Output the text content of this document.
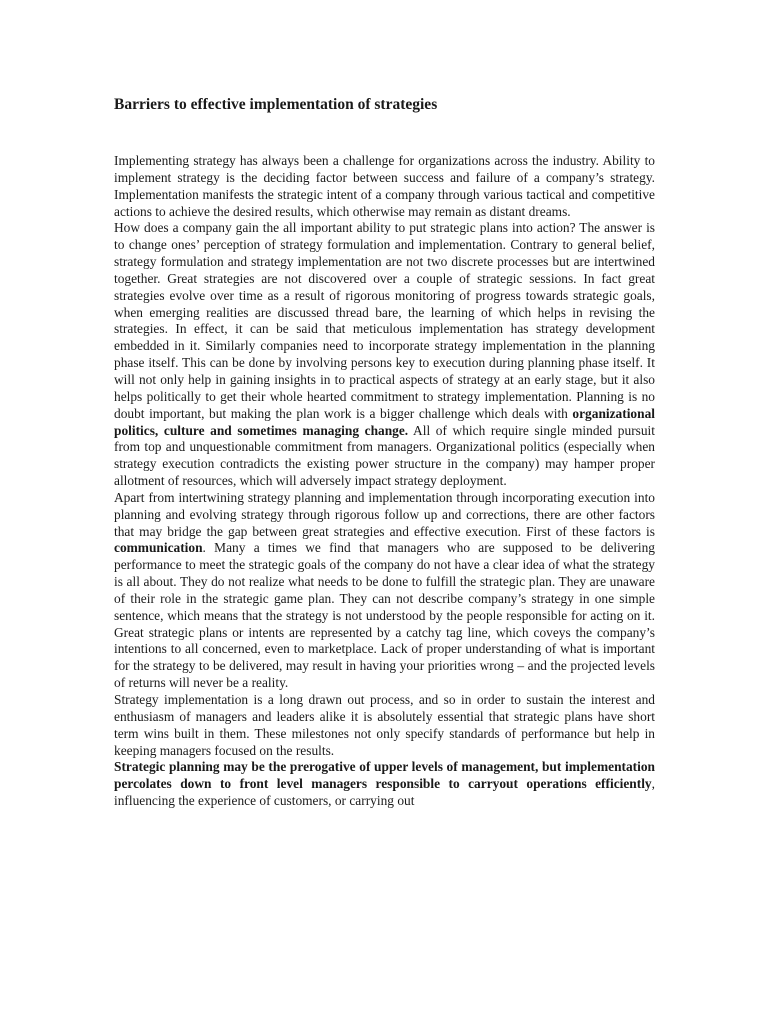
Barriers to effective implementation of strategies

Implementing strategy has always been a challenge for organizations across the industry. Ability to implement strategy is the deciding factor between success and failure of a company’s strategy. Implementation manifests the strategic intent of a company through various tactical and competitive actions to achieve the desired results, which otherwise may remain as distant dreams.

How does a company gain the all important ability to put strategic plans into action? The answer is to change ones’ perception of strategy formulation and implementation. Contrary to general belief, strategy formulation and strategy implementation are not two discrete processes but are intertwined together. Great strategies are not discovered over a couple of strategic sessions. In fact great strategies evolve over time as a result of rigorous monitoring of progress towards strategic goals, when emerging realities are discussed thread bare, the learning of which helps in revising the strategies. In effect, it can be said that meticulous implementation has strategy development embedded in it. Similarly companies need to incorporate strategy implementation in the planning phase itself. This can be done by involving persons key to execution during planning phase itself. It will not only help in gaining insights in to practical aspects of strategy at an early stage, but it also helps politically to get their whole hearted commitment to strategy implementation. Planning is no doubt important, but making the plan work is a bigger challenge which deals with organizational politics, culture and sometimes managing change. All of which require single minded pursuit from top and unquestionable commitment from managers. Organizational politics (especially when strategy execution contradicts the existing power structure in the company) may hamper proper allotment of resources, which will adversely impact strategy deployment.

Apart from intertwining strategy planning and implementation through incorporating execution into planning and evolving strategy through rigorous follow up and corrections, there are other factors that may bridge the gap between great strategies and effective execution. First of these factors is communication. Many a times we find that managers who are supposed to be delivering performance to meet the strategic goals of the company do not have a clear idea of what the strategy is all about. They do not realize what needs to be done to fulfill the strategic plan. They are unaware of their role in the strategic game plan. They can not describe company’s strategy in one simple sentence, which means that the strategy is not understood by the people responsible for acting on it. Great strategic plans or intents are represented by a catchy tag line, which coveys the company’s intentions to all concerned, even to marketplace. Lack of proper understanding of what is important for the strategy to be delivered, may result in having your priorities wrong – and the projected levels of returns will never be a reality.

Strategy implementation is a long drawn out process, and so in order to sustain the interest and enthusiasm of managers and leaders alike it is absolutely essential that strategic plans have short term wins built in them. These milestones not only specify standards of performance but help in keeping managers focused on the results.

Strategic planning may be the prerogative of upper levels of management, but implementation percolates down to front level managers responsible to carryout operations efficiently, influencing the experience of customers, or carrying out
